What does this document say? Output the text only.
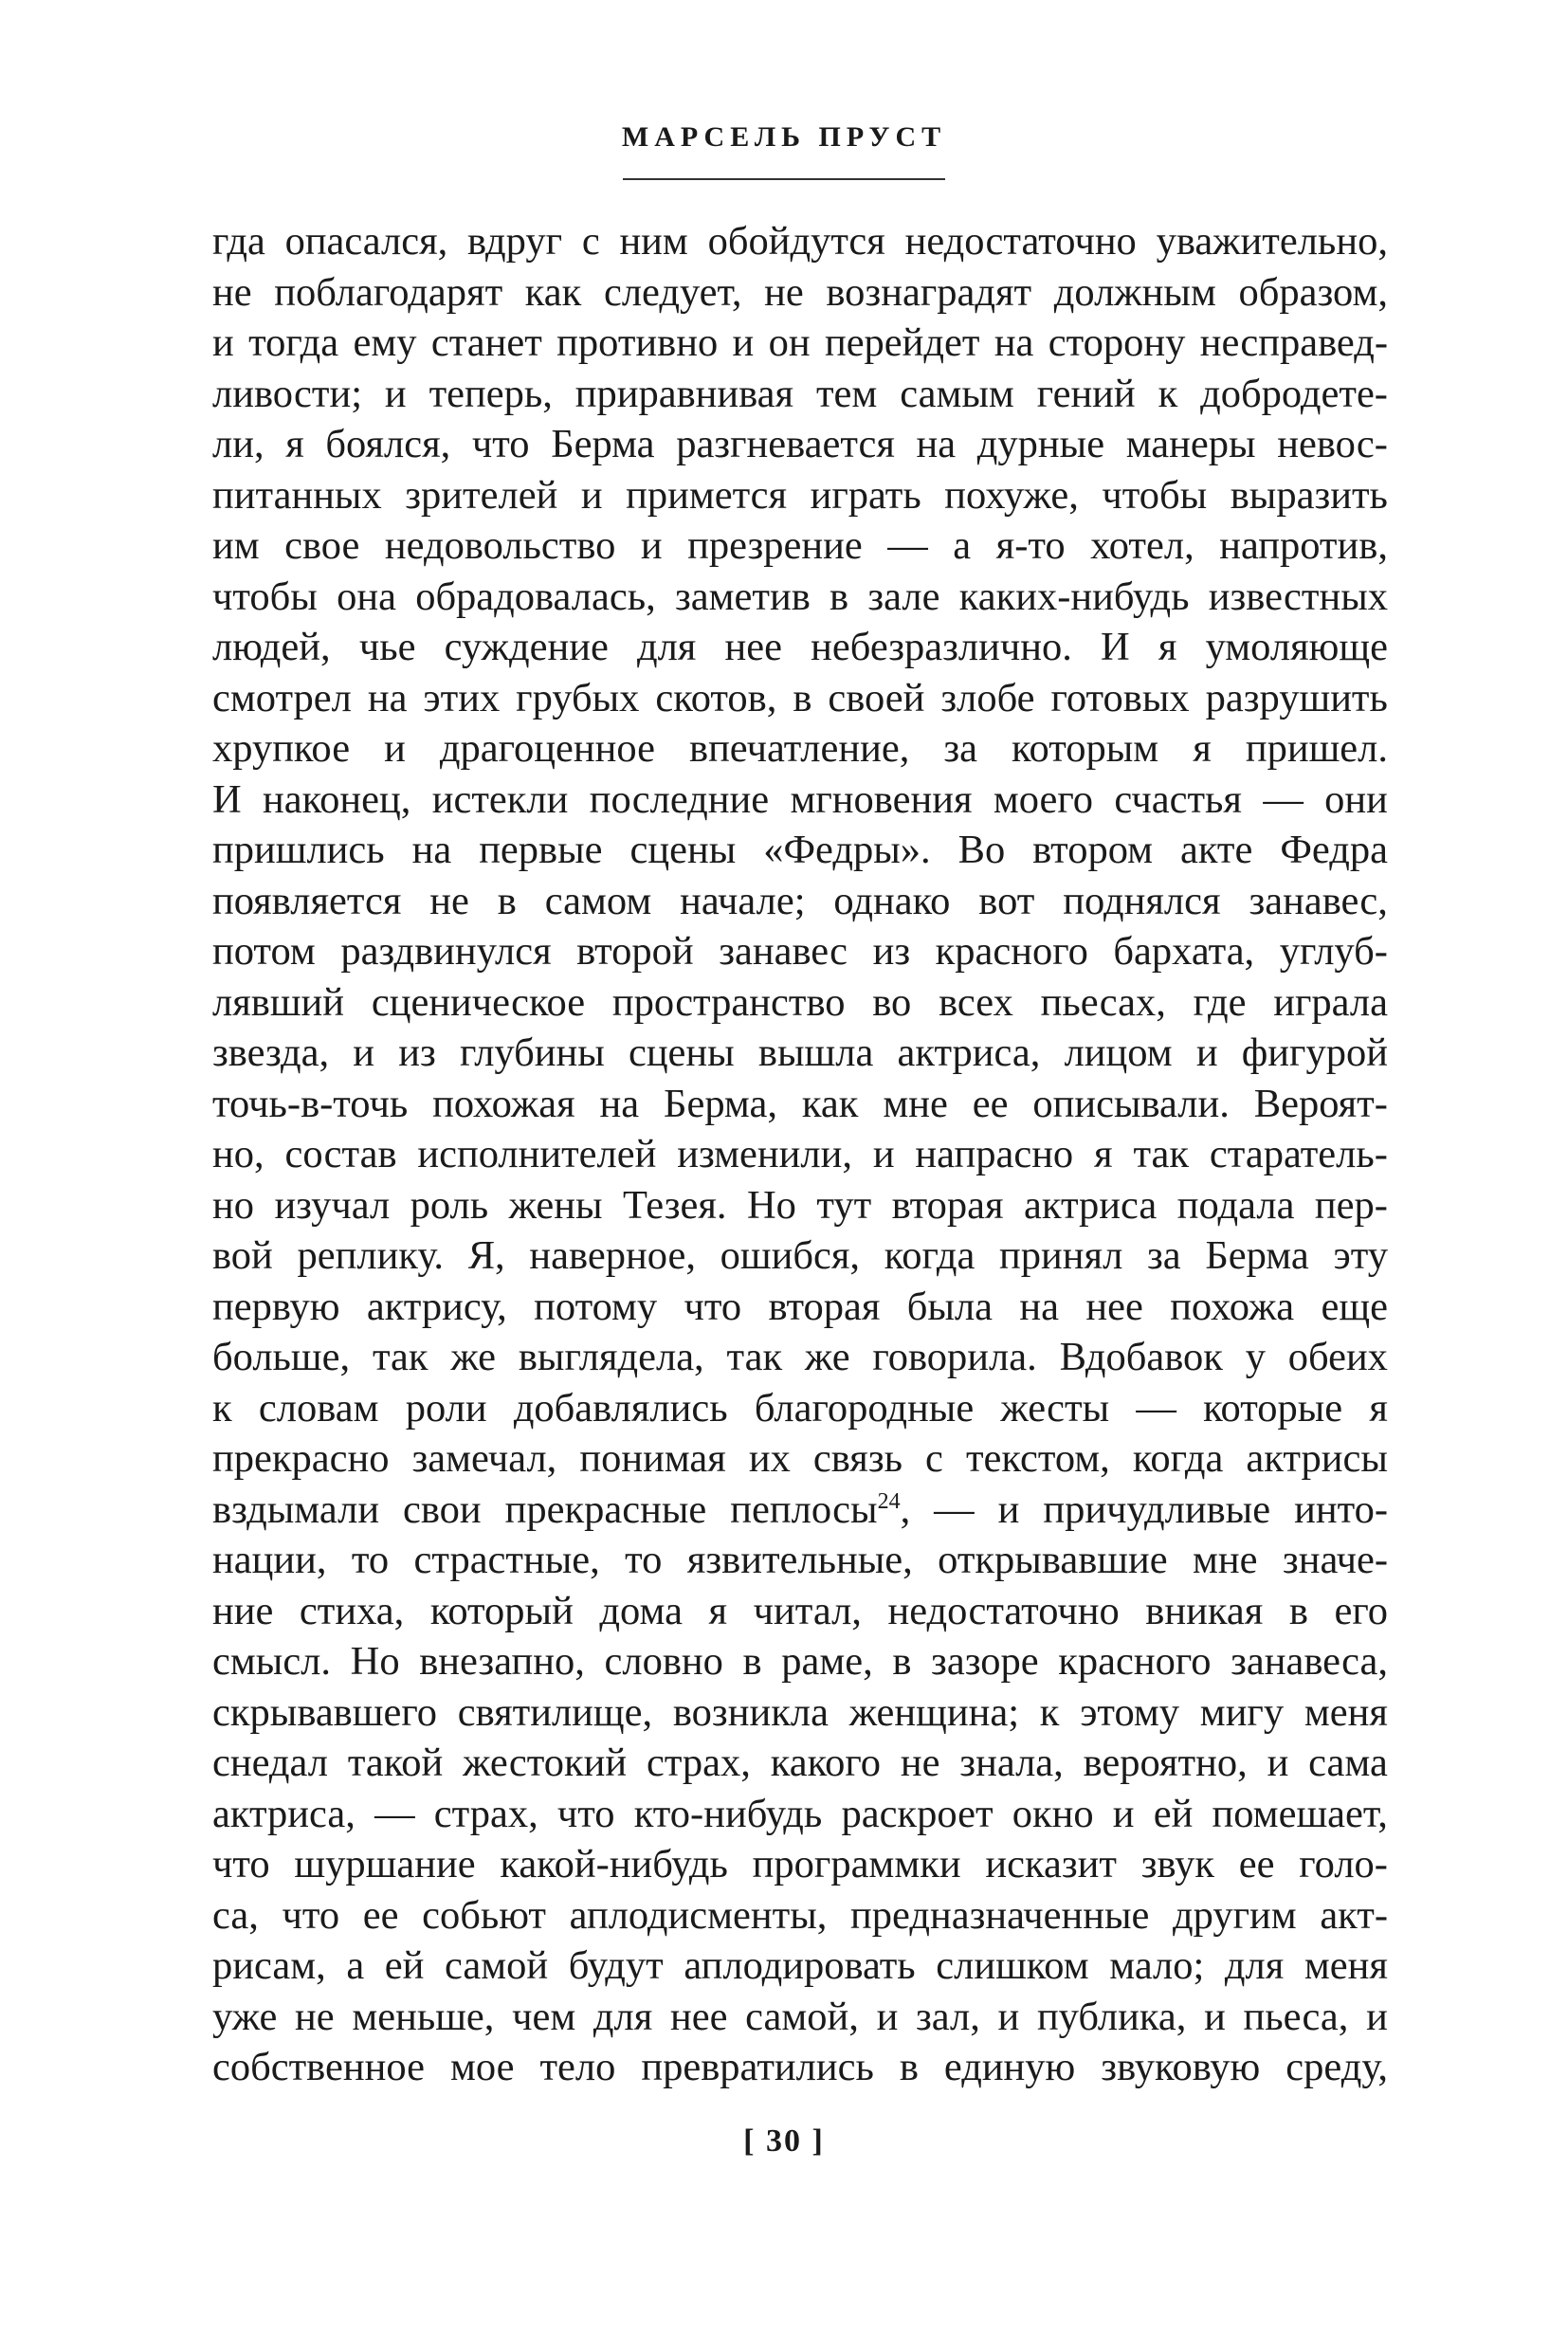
МАРСЕЛЬ ПРУСТ
гда опасался, вдруг с ним обойдутся недостаточно уважительно,
не поблагодарят как следует, не вознаградят должным образом,
и тогда ему станет противно и он перейдет на сторону несправед-
ливости; и теперь, приравнивая тем самым гений к добродете-
ли, я боялся, что Берма разгневается на дурные манеры невос-
питанных зрителей и примется играть похуже, чтобы выразить
им свое недовольство и презрение — а я-то хотел, напротив,
чтобы она обрадовалась, заметив в зале каких-нибудь известных
людей, чье суждение для нее небезразлично. И я умоляюще
смотрел на этих грубых скотов, в своей злобе готовых разрушить
хрупкое и драгоценное впечатление, за которым я пришел.
И наконец, истекли последние мгновения моего счастья — они
пришлись на первые сцены «Федры». Во втором акте Федра
появляется не в самом начале; однако вот поднялся занавес,
потом раздвинулся второй занавес из красного бархата, углуб-
лявший сценическое пространство во всех пьесах, где играла
звезда, и из глубины сцены вышла актриса, лицом и фигурой
точь-в-точь похожая на Берма, как мне ее описывали. Вероят-
но, состав исполнителей изменили, и напрасно я так старатель-
но изучал роль жены Тезея. Но тут вторая актриса подала пер-
вой реплику. Я, наверное, ошибся, когда принял за Берма эту
первую актрису, потому что вторая была на нее похожа еще
больше, так же выглядела, так же говорила. Вдобавок у обеих
к словам роли добавлялись благородные жесты — которые я
прекрасно замечал, понимая их связь с текстом, когда актрисы
вздымали свои прекрасные пеплосы$^{24}$, — и причудливые инто-
нации, то страстные, то язвительные, открывавшие мне значе-
ние стиха, который дома я читал, недостаточно вникая в его
смысл. Но внезапно, словно в раме, в зазоре красного занавеса,
скрывавшего святилище, возникла женщина; к этому мигу меня
снедал такой жестокий страх, какого не знала, вероятно, и сама
актриса, — страх, что кто-нибудь раскроет окно и ей помешает,
что шуршание какой-нибудь программки исказит звук ее голо-
са, что ее собьют аплодисменты, предназначенные другим акт-
рисам, а ей самой будут аплодировать слишком мало; для меня
уже не меньше, чем для нее самой, и зал, и публика, и пьеса, и
собственное мое тело превратились в единую звуковую среду,
[ 30 ]
